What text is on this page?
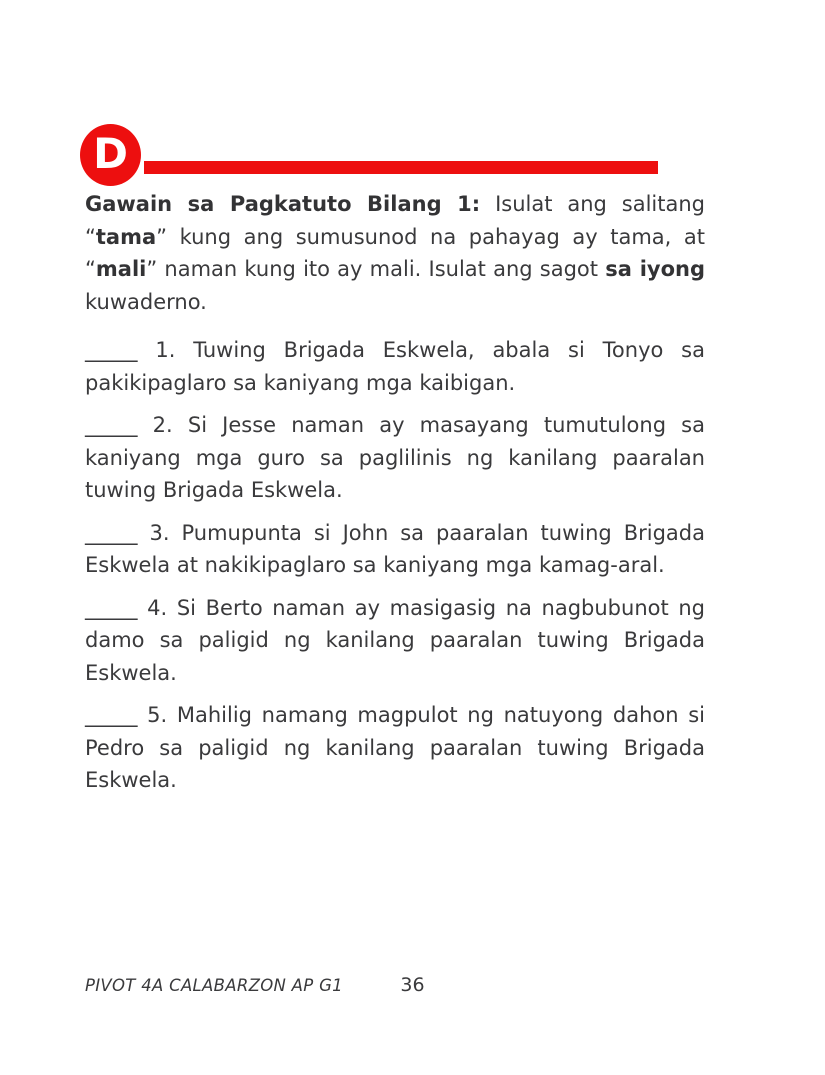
D

Gawain sa Pagkatuto Bilang 1: Isulat ang salitang “tama” kung ang sumusunod na pahayag ay tama, at “mali” naman kung ito ay mali. Isulat ang sagot sa iyong kuwaderno.

_____ 1. Tuwing Brigada Eskwela, abala si Tonyo sa pakikipaglaro sa kaniyang mga kaibigan.

_____ 2. Si Jesse naman ay masayang tumutulong sa kaniyang mga guro sa paglilinis ng kanilang paaralan tuwing Brigada Eskwela.

_____ 3. Pumupunta si John sa paaralan tuwing Brigada Eskwela at nakikipaglaro sa kaniyang mga kamag-aral.

_____ 4. Si Berto naman ay masigasig na nagbubunot ng damo sa paligid ng kanilang paaralan tuwing Brigada Eskwela.

_____ 5. Mahilig namang magpulot ng natuyong dahon si Pedro sa paligid ng kanilang paaralan tuwing Brigada Eskwela.

PIVOT 4A CALABARZON AP G1	36
